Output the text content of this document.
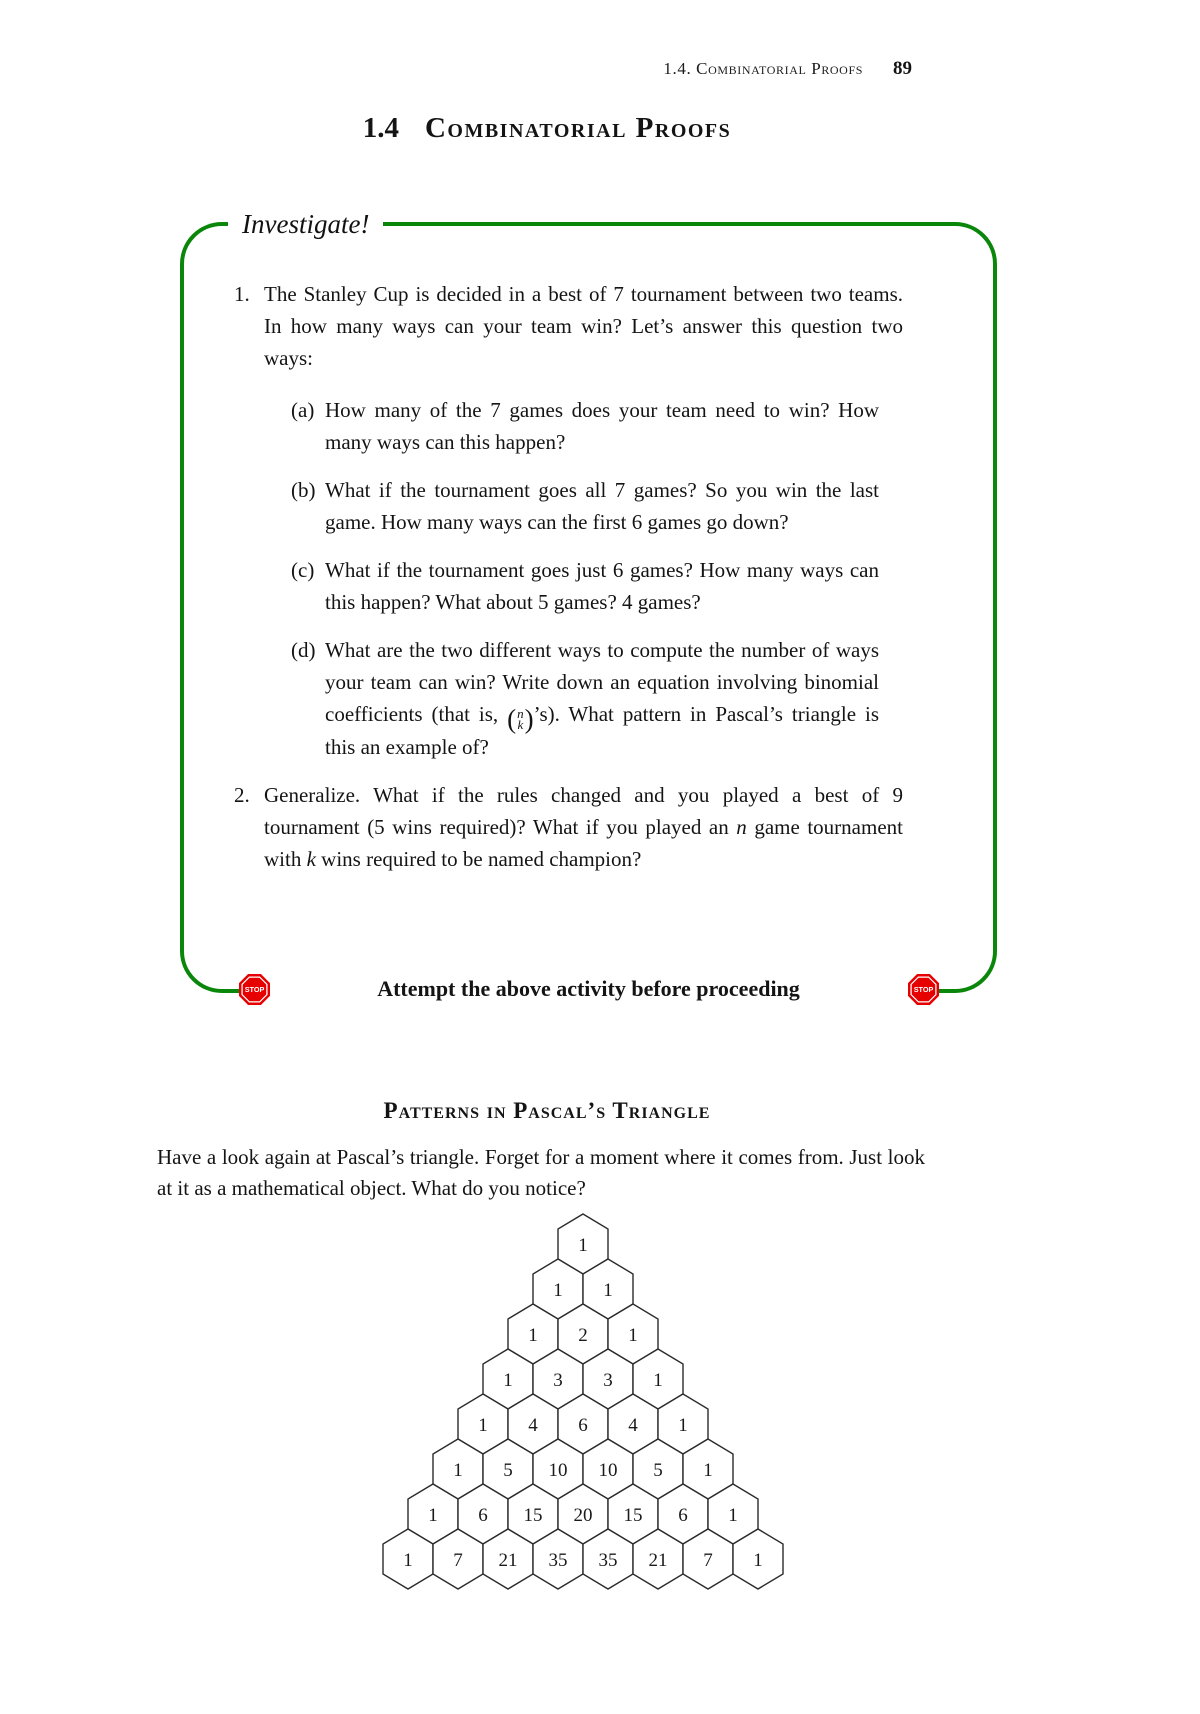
1.4. Combinatorial Proofs 89
1.4 Combinatorial Proofs
Investigate!
1. The Stanley Cup is decided in a best of 7 tournament between two teams. In how many ways can your team win? Let’s answer this question two ways:
(a) How many of the 7 games does your team need to win? How many ways can this happen?
(b) What if the tournament goes all 7 games? So you win the last game. How many ways can the first 6 games go down?
(c) What if the tournament goes just 6 games? How many ways can this happen? What about 5 games? 4 games?
(d) What are the two different ways to compute the number of ways your team can win? Write down an equation involving binomial coefficients (that is, ( n
k ) ’s). What pattern in Pascal’s triangle is this an example of?
2. Generalize. What if the rules changed and you played a best of 9 tournament (5 wins required)? What if you played an n game tournament with k wins required to be named champion?
STOP	Attempt the above activity before proceeding	STOP
Patterns in Pascal’s Triangle
Have a look again at Pascal’s triangle. Forget for a moment where it comes from. Just look at it as a mathematical object. What do you notice?
1
1 1
1 2 1
1 3 3 1
1 4 6 4 1
1 5 10 10 5 1
1 6 15 20 15 6 1
1 7 21 35 35 21 7 1
